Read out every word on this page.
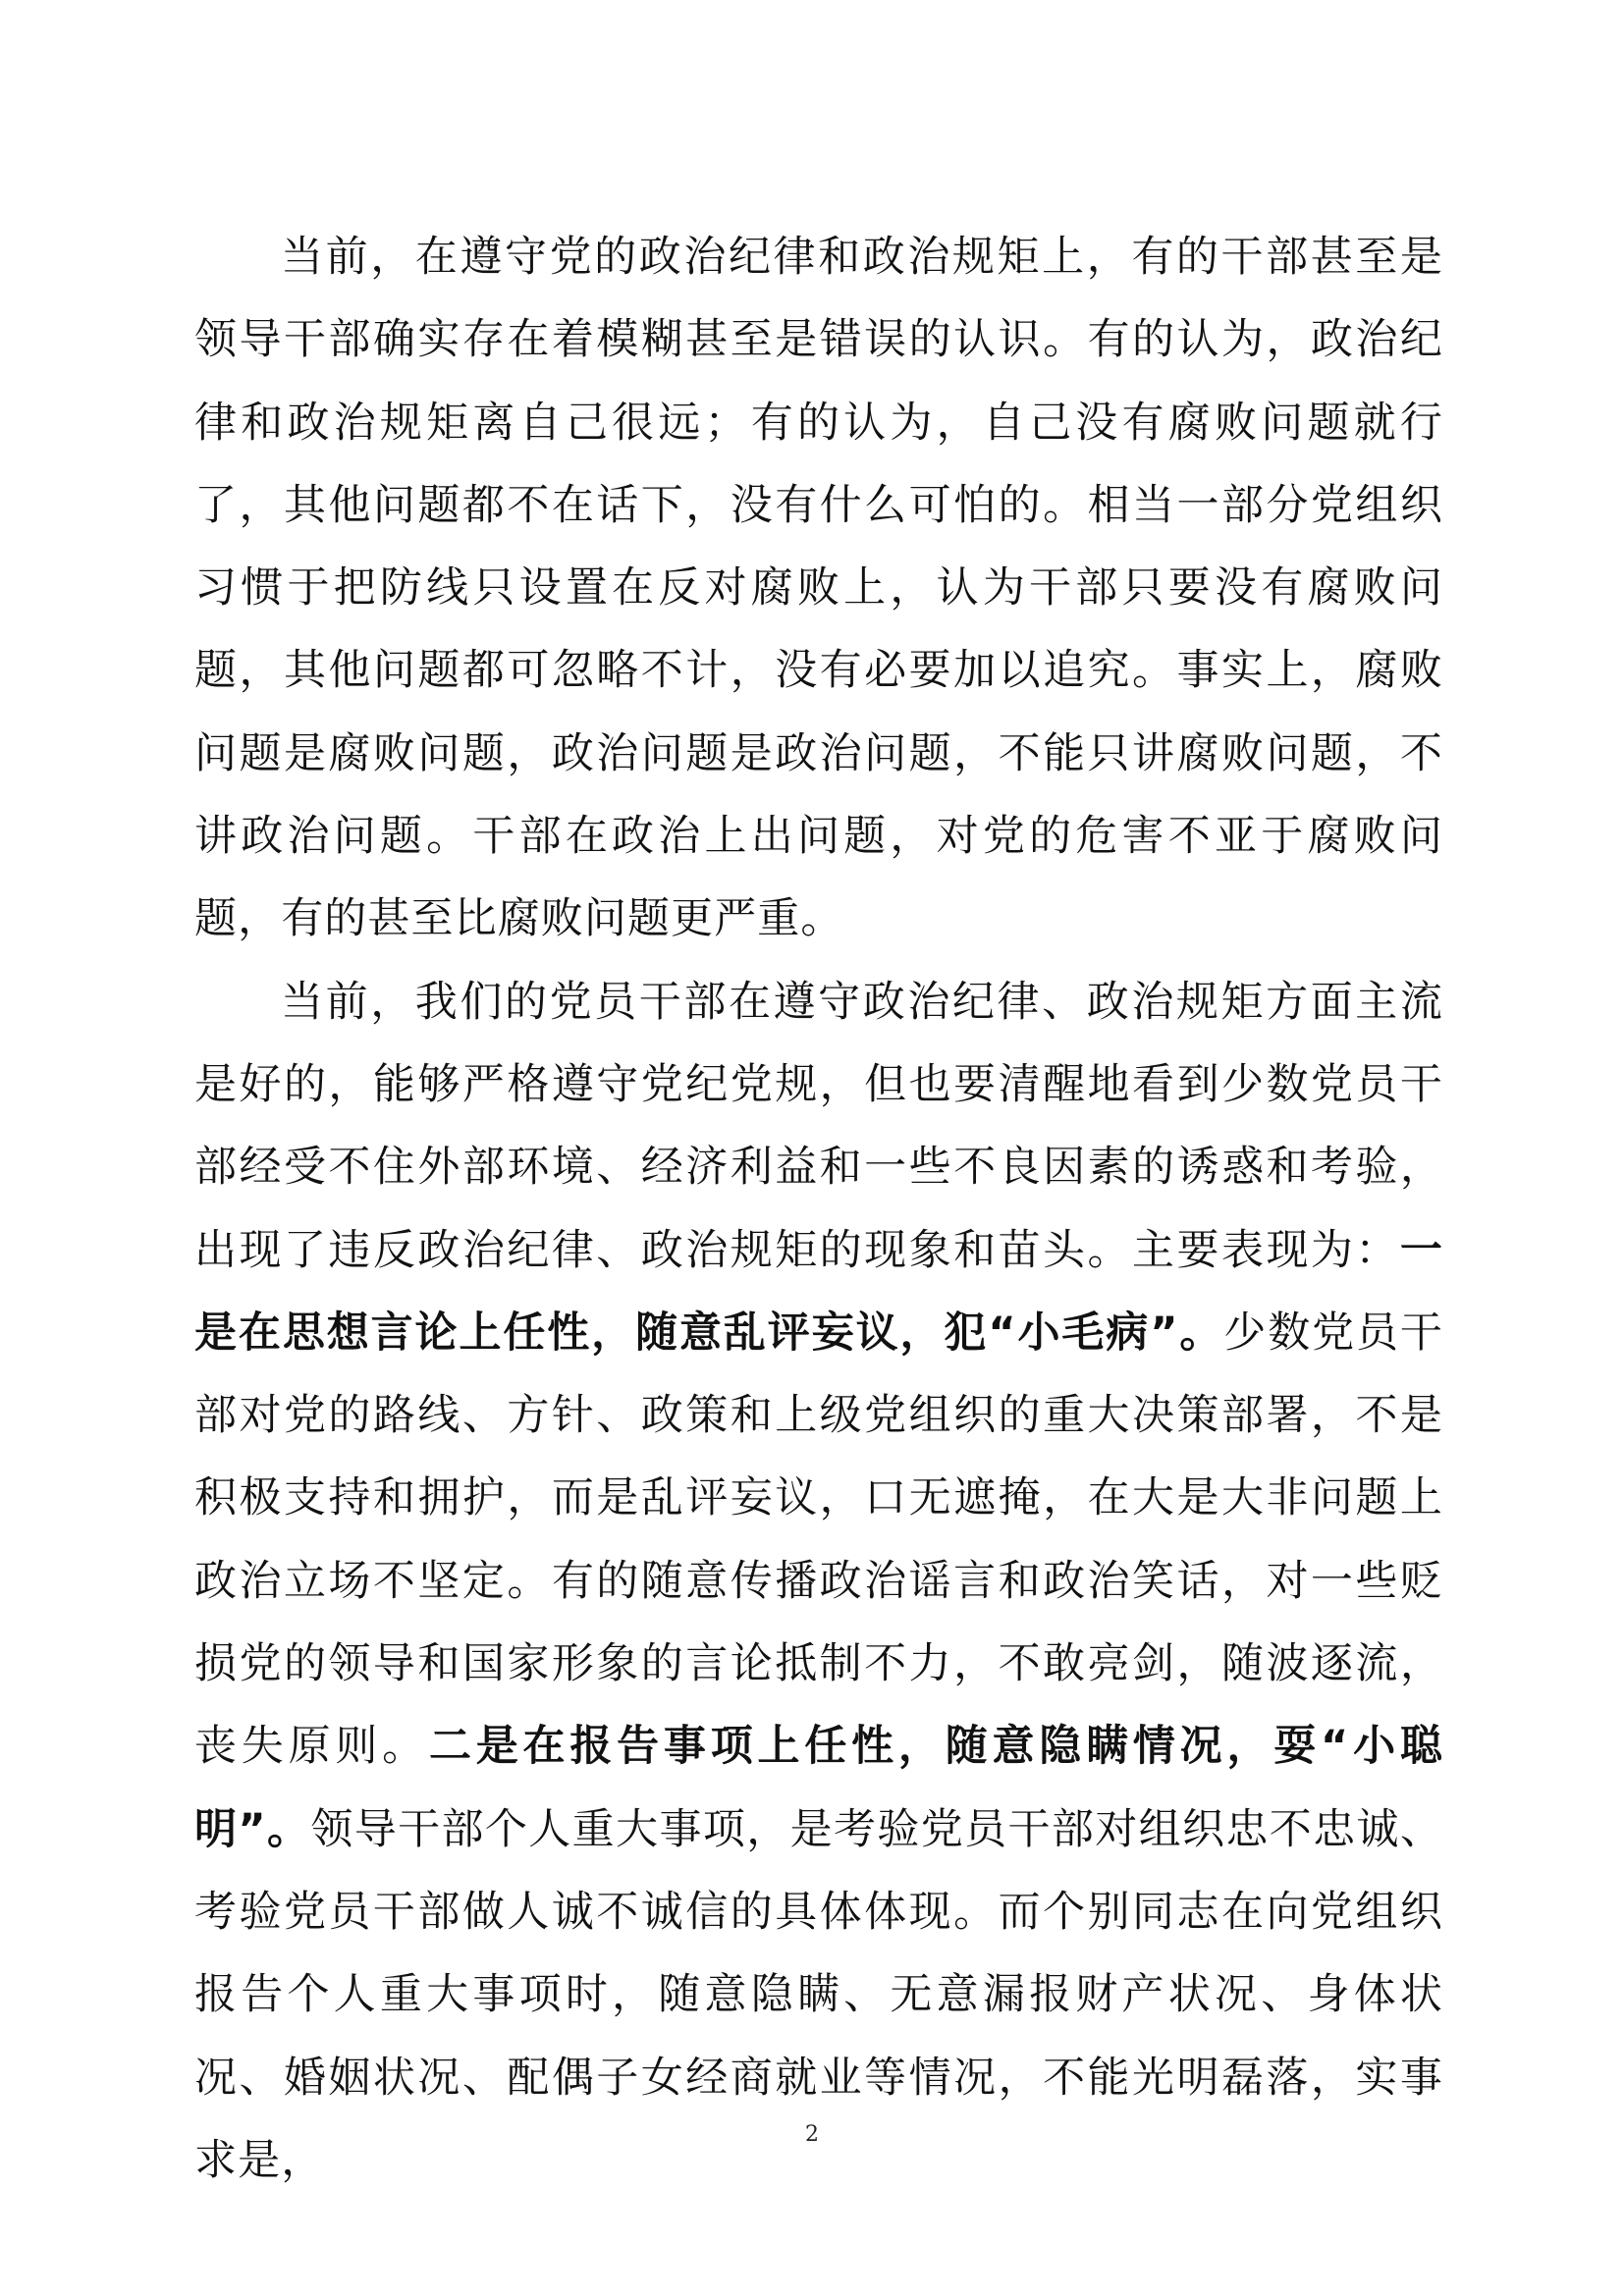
当前，在遵守党的政治纪律和政治规矩上，有的干部甚至是领导干部确实存在着模糊甚至是错误的认识。有的认为，政治纪律和政治规矩离自己很远；有的认为，自己没有腐败问题就行了，其他问题都不在话下，没有什么可怕的。相当一部分党组织习惯于把防线只设置在反对腐败上，认为干部只要没有腐败问题，其他问题都可忽略不计，没有必要加以追究。事实上，腐败问题是腐败问题，政治问题是政治问题，不能只讲腐败问题，不讲政治问题。干部在政治上出问题，对党的危害不亚于腐败问题，有的甚至比腐败问题更严重。

当前，我们的党员干部在遵守政治纪律、政治规矩方面主流是好的，能够严格遵守党纪党规，但也要清醒地看到少数党员干部经受不住外部环境、经济利益和一些不良因素的诱惑和考验，出现了违反政治纪律、政治规矩的现象和苗头。主要表现为：一是在思想言论上任性，随意乱评妄议，犯“小毛病”。少数党员干部对党的路线、方针、政策和上级党组织的重大决策部署，不是积极支持和拥护，而是乱评妄议，口无遮掩，在大是大非问题上政治立场不坚定。有的随意传播政治谣言和政治笑话，对一些贬损党的领导和国家形象的言论抵制不力，不敢亮剑，随波逐流，丧失原则。二是在报告事项上任性，随意隐瞒情况，耍“小聪明”。领导干部个人重大事项，是考验党员干部对组织忠不忠诚、考验党员干部做人诚不诚信的具体体现。而个别同志在向党组织报告个人重大事项时，随意隐瞒、无意漏报财产状况、身体状况、婚姻状况、配偶子女经商就业等情况，不能光明磊落，实事求是，

2
